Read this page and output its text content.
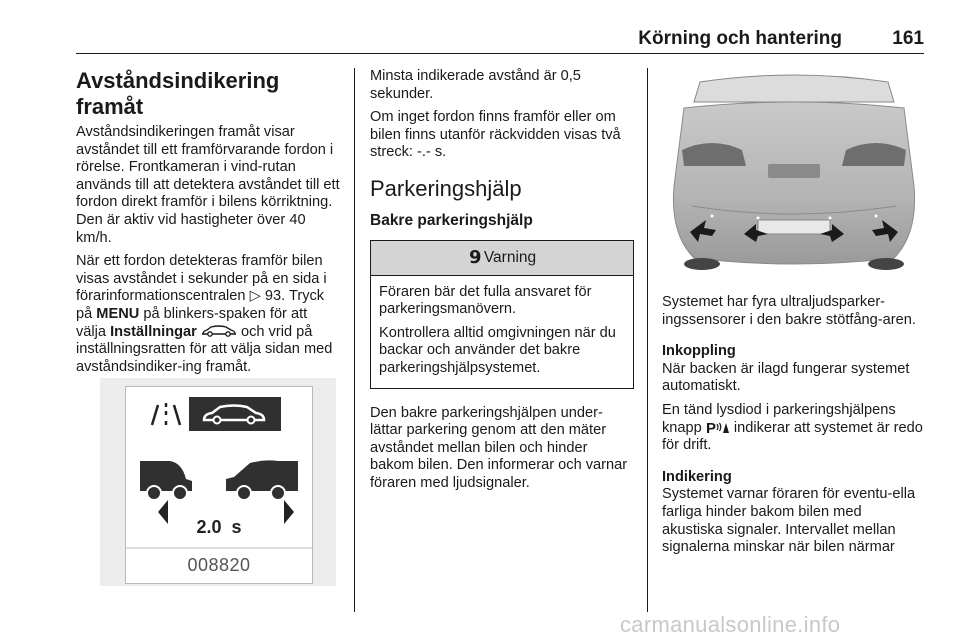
Körning och hantering	161
Avståndsindikering framåt

Avståndsindikeringen framåt visar avståndet till ett framförvarande fordon i rörelse. Frontkameran i vind-rutan används till att detektera avståndet till ett fordon direkt framför i bilens körriktning. Den är aktiv vid hastigheter över 40 km/h.

När ett fordon detekteras framför bilen visas avståndet i sekunder på en sida i förarinformationscentralen ▷ 93. Tryck på MENU på blinkers-spaken för att välja Inställningar	och vrid på inställningsratten för att välja sidan med avståndsindiker-ing framåt.

2.0 s
008820

Minsta indikerade avstånd är 0,5 sekunder.

Om inget fordon finns framför eller om bilen finns utanför räckvidden visas två streck: -.- s.

Parkeringshjälp
Bakre parkeringshjälp
9 Varning

Föraren bär det fulla ansvaret för parkeringsmanövern.

Kontrollera alltid omgivningen när du backar och använder det bakre parkeringshjälpsystemet.

Den bakre parkeringshjälpen under-lättar parkering genom att den mäter avståndet mellan bilen och hinder bakom bilen. Den informerar och varnar föraren med ljudsignaler.

Systemet har fyra ultraljudsparker-ingssensorer i den bakre stötfång-aren.

Inkoppling

När backen är ilagd fungerar systemet automatiskt.

En tänd lysdiod i parkeringshjälpens knapp P indikerar att systemet är redo för drift.

Indikering

Systemet varnar föraren för eventu-ella farliga hinder bakom bilen med akustiska signaler. Intervallet mellan signalerna minskar när bilen närmar

carmanualsonline.info
